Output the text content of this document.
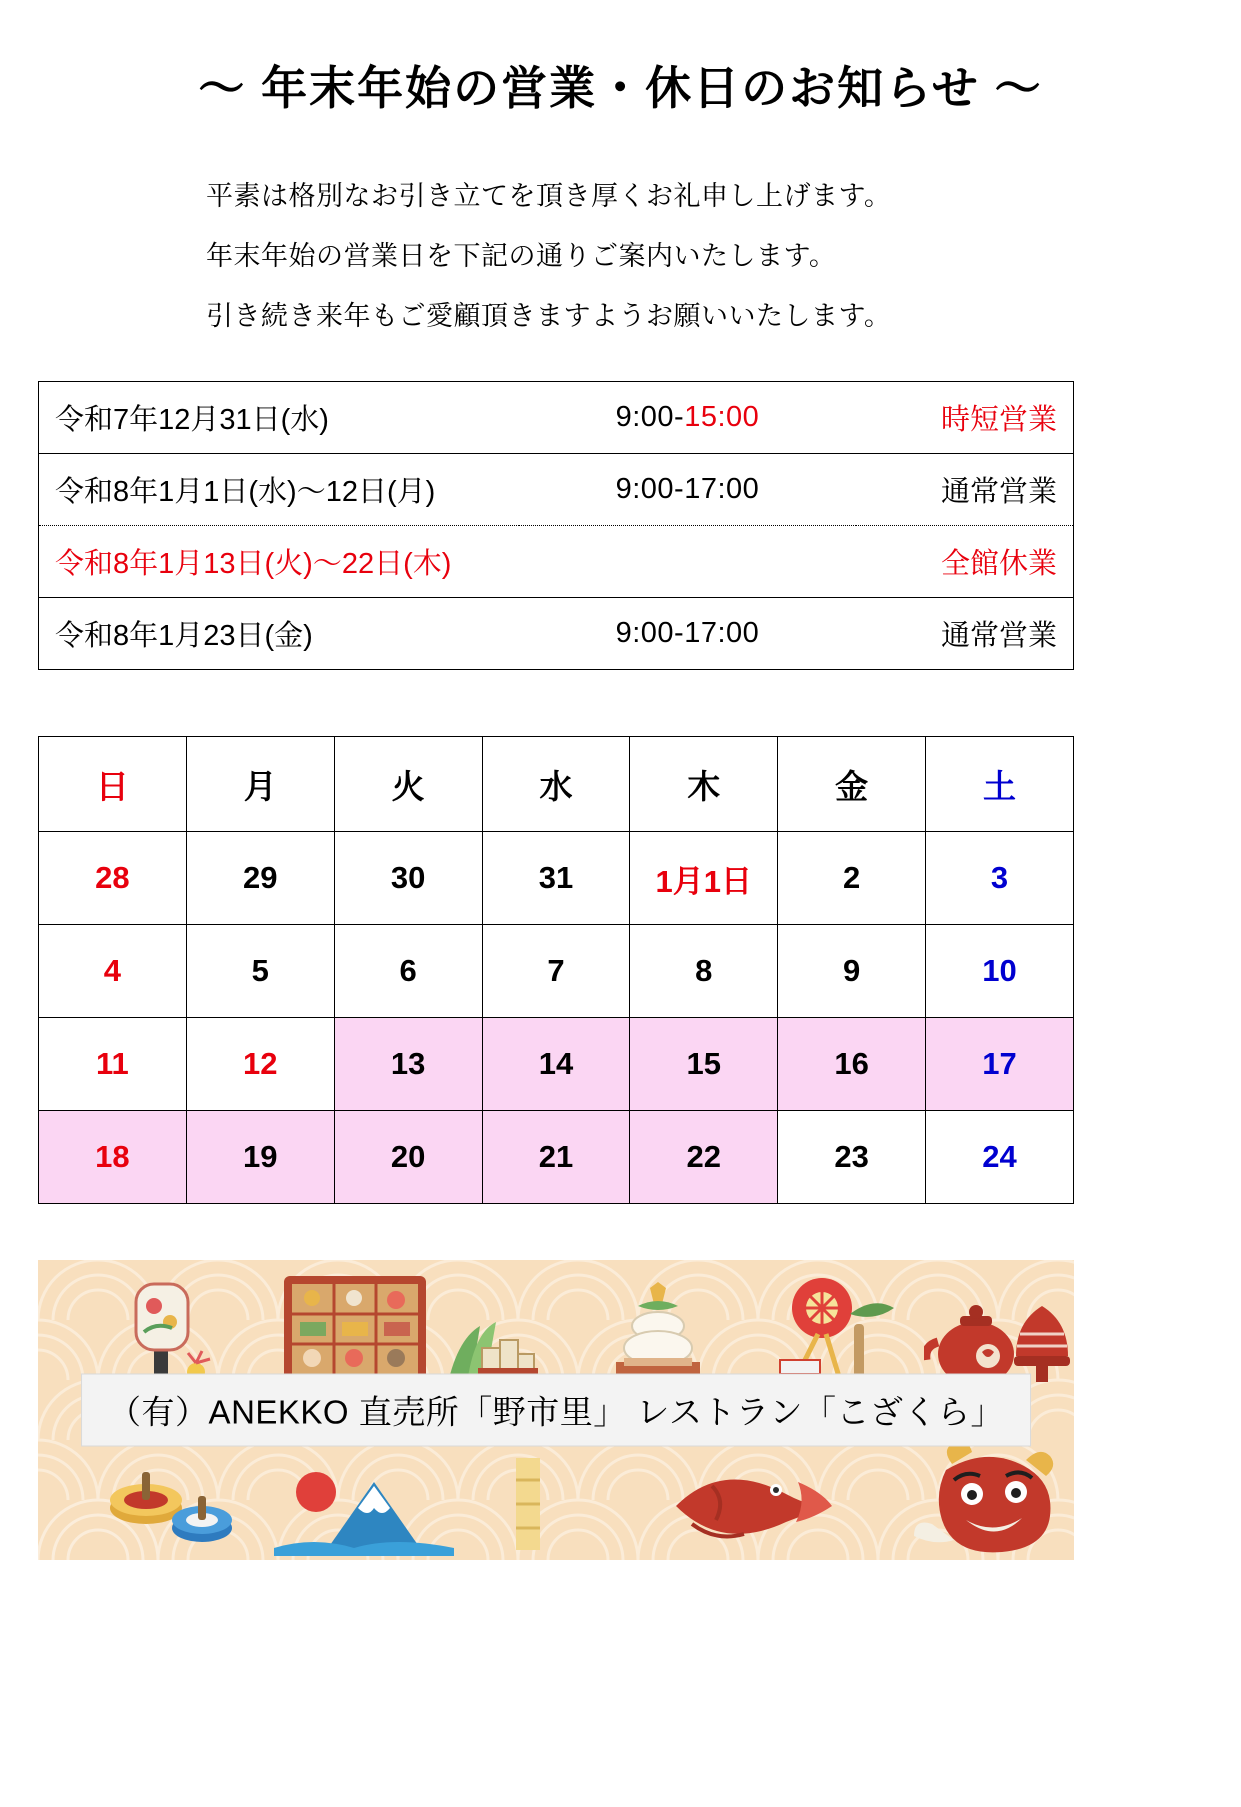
〜 年末年始の営業・休日のお知らせ 〜

平素は格別なお引き立てを頂き厚くお礼申し上げます。

年末年始の営業日を下記の通りご案内いたします。

引き続き来年もご愛顧頂きますようお願いいたします。

令和7年12月31日(水)	9:00-15:00	時短営業
令和8年1月1日(水)〜12日(月)	9:00-17:00	通常営業
令和8年1月13日(火)〜22日(木)		全館休業
令和8年1月23日(金)	9:00-17:00	通常営業
日	月	火	水	木	金	土
28	29	30	31	1月1日	2	3
4	5	6	7	8	9	10
11	12	13	14	15	16	17
18	19	20	21	22	23	24
（有）ANEKKO 直売所「野市里」 レストラン「こざくら」
